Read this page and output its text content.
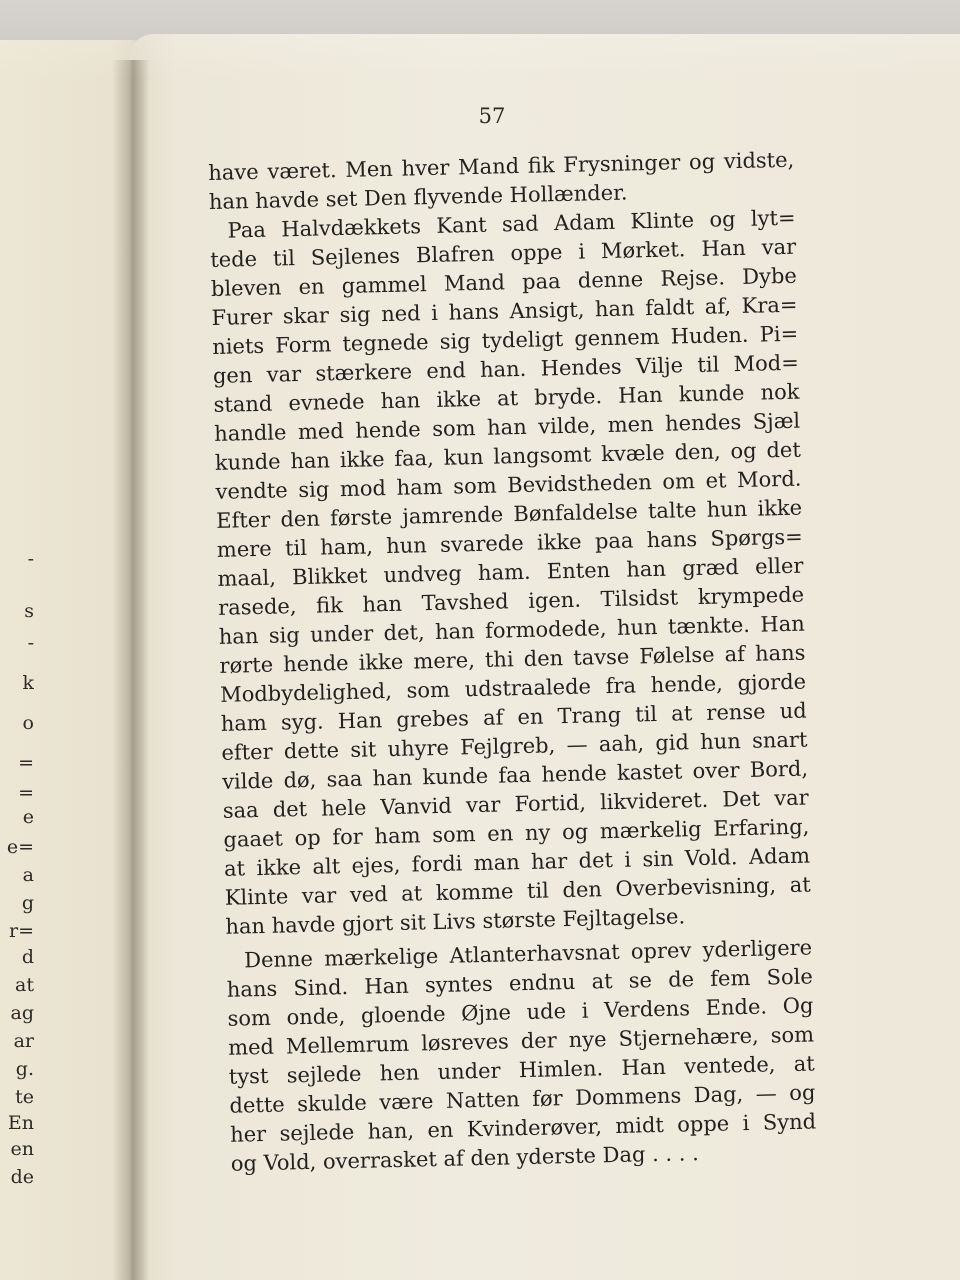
-
s
-
k
o
=
=
e
e=
a
g
r=
d
at
ag
ar
g.
te
En
en
de
57
have været. Men hver Mand fik Frysninger og vidste,
han havde set Den flyvende Hollænder.
Paa Halvdækkets Kant sad Adam Klinte og lyt=
tede til Sejlenes Blafren oppe i Mørket. Han var
bleven en gammel Mand paa denne Rejse. Dybe
Furer skar sig ned i hans Ansigt, han faldt af, Kra=
niets Form tegnede sig tydeligt gennem Huden. Pi=
gen var stærkere end han. Hendes Vilje til Mod=
stand evnede han ikke at bryde. Han kunde nok
handle med hende som han vilde, men hendes Sjæl
kunde han ikke faa, kun langsomt kvæle den, og det
vendte sig mod ham som Bevidstheden om et Mord.
Efter den første jamrende Bønfaldelse talte hun ikke
mere til ham, hun svarede ikke paa hans Spørgs=
maal, Blikket undveg ham. Enten han græd eller
rasede, fik han Tavshed igen. Tilsidst krympede
han sig under det, han formodede, hun tænkte. Han
rørte hende ikke mere, thi den tavse Følelse af hans
Modbydelighed, som udstraalede fra hende, gjorde
ham syg. Han grebes af en Trang til at rense ud
efter dette sit uhyre Fejlgreb, — aah, gid hun snart
vilde dø, saa han kunde faa hende kastet over Bord,
saa det hele Vanvid var Fortid, likvideret. Det var
gaaet op for ham som en ny og mærkelig Erfaring,
at ikke alt ejes, fordi man har det i sin Vold. Adam
Klinte var ved at komme til den Overbevisning, at
han havde gjort sit Livs største Fejltagelse.
Denne mærkelige Atlanterhavsnat oprev yderligere
hans Sind. Han syntes endnu at se de fem Sole
som onde, gloende Øjne ude i Verdens Ende. Og
med Mellemrum løsreves der nye Stjernehære, som
tyst sejlede hen under Himlen. Han ventede, at
dette skulde være Natten før Dommens Dag, — og
her sejlede han, en Kvinderøver, midt oppe i Synd
og Vold, overrasket af den yderste Dag . . . .
